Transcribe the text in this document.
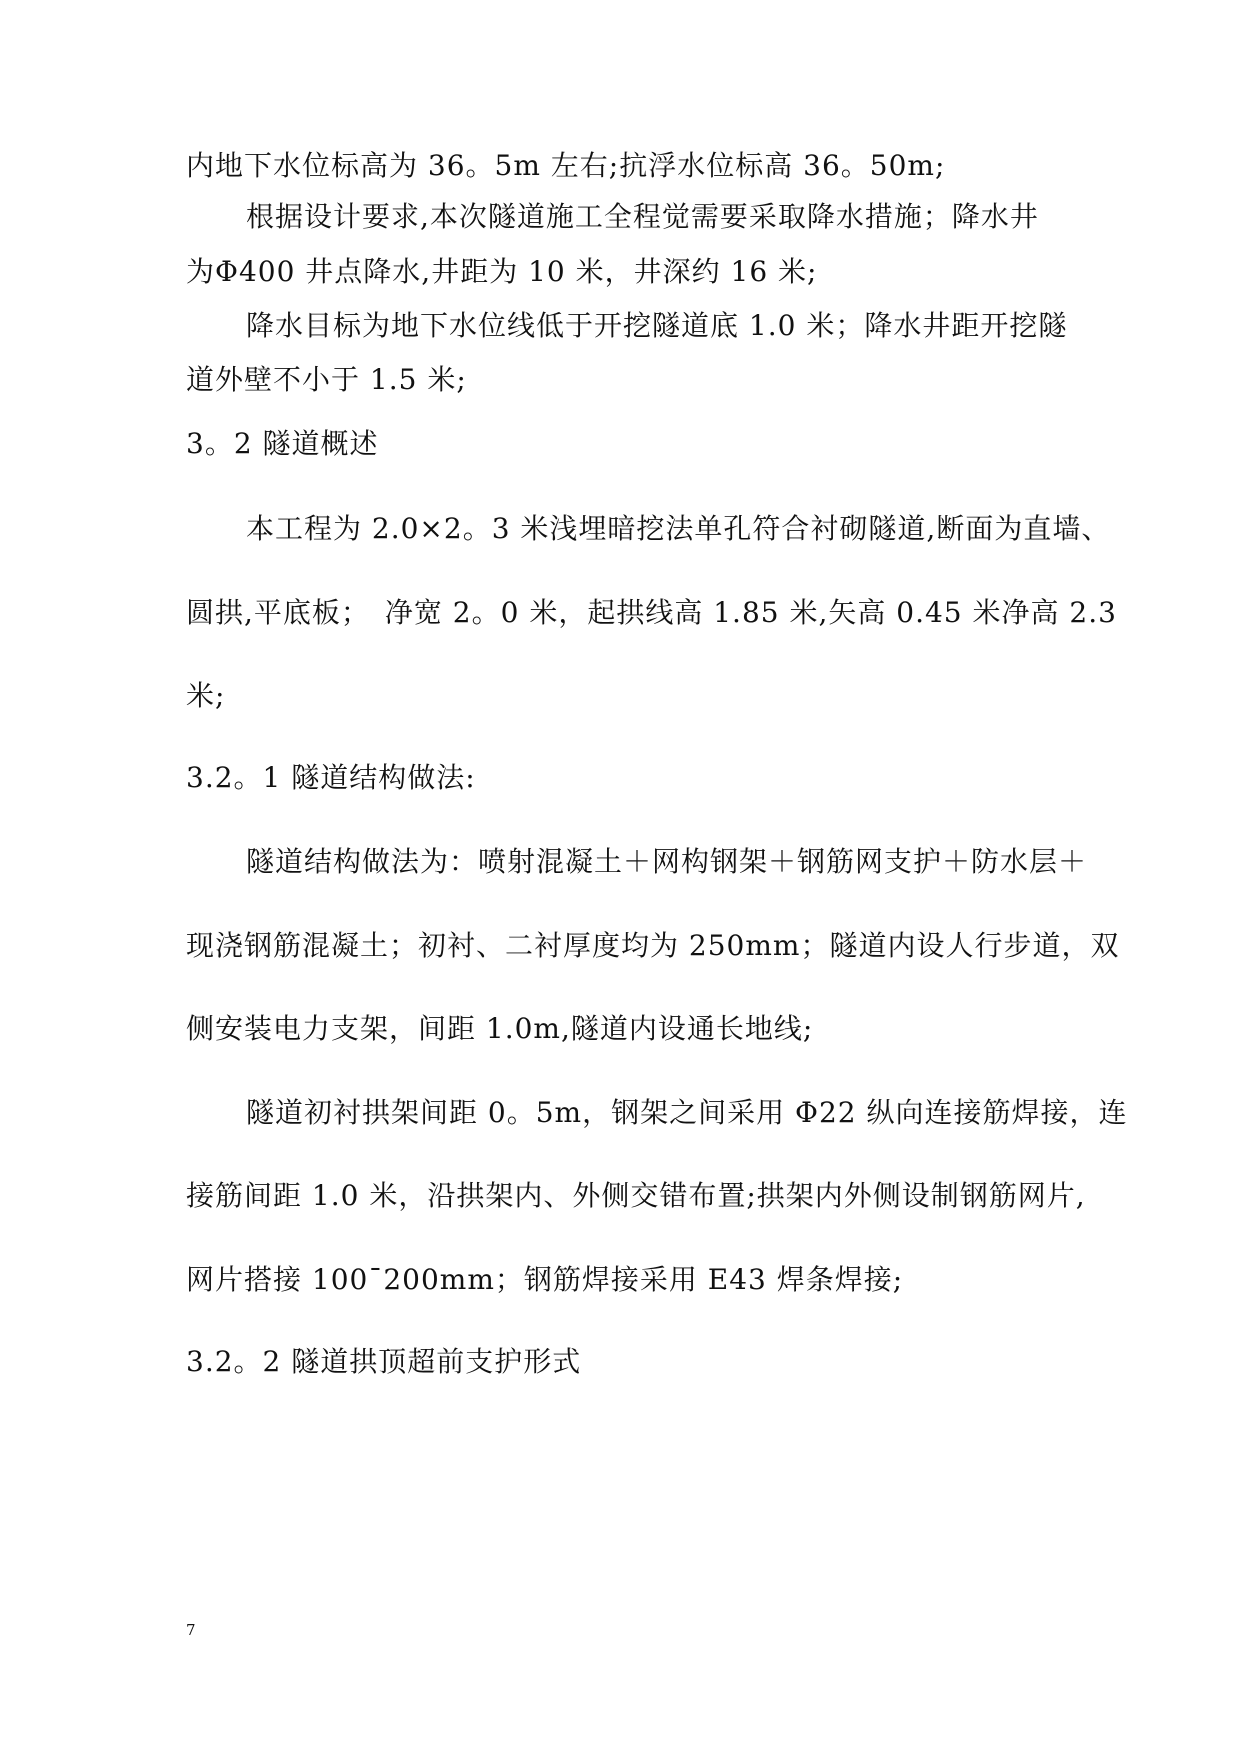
内地下水位标高为 36。5m 左右;抗浮水位标高 36。50m;

根据设计要求,本次隧道施工全程觉需要采取降水措施；降水井

为Φ400 井点降水,井距为 10 米，井深约 16 米;

降水目标为地下水位线低于开挖隧道底 1.0 米；降水井距开挖隧

道外壁不小于 1.5 米;

3。2 隧道概述

本工程为 2.0×2。3 米浅埋暗挖法单孔符合衬砌隧道,断面为直墙、

圆拱,平底板；　净宽 2。0 米，起拱线高 1.85 米,矢高 0.45 米净高 2.3

米;

3.2。1 隧道结构做法:

隧道结构做法为：喷射混凝土＋网构钢架＋钢筋网支护＋防水层＋

现浇钢筋混凝土；初衬、二衬厚度均为 250mm；隧道内设人行步道，双

侧安装电力支架，间距 1.0m,隧道内设通长地线;

隧道初衬拱架间距 0。5m，钢架之间采用 Φ22 纵向连接筋焊接，连

接筋间距 1.0 米，沿拱架内、外侧交错布置;拱架内外侧设制钢筋网片,

网片搭接 100¯200mm；钢筋焊接采用 E43 焊条焊接;

3.2。2 隧道拱顶超前支护形式

7
